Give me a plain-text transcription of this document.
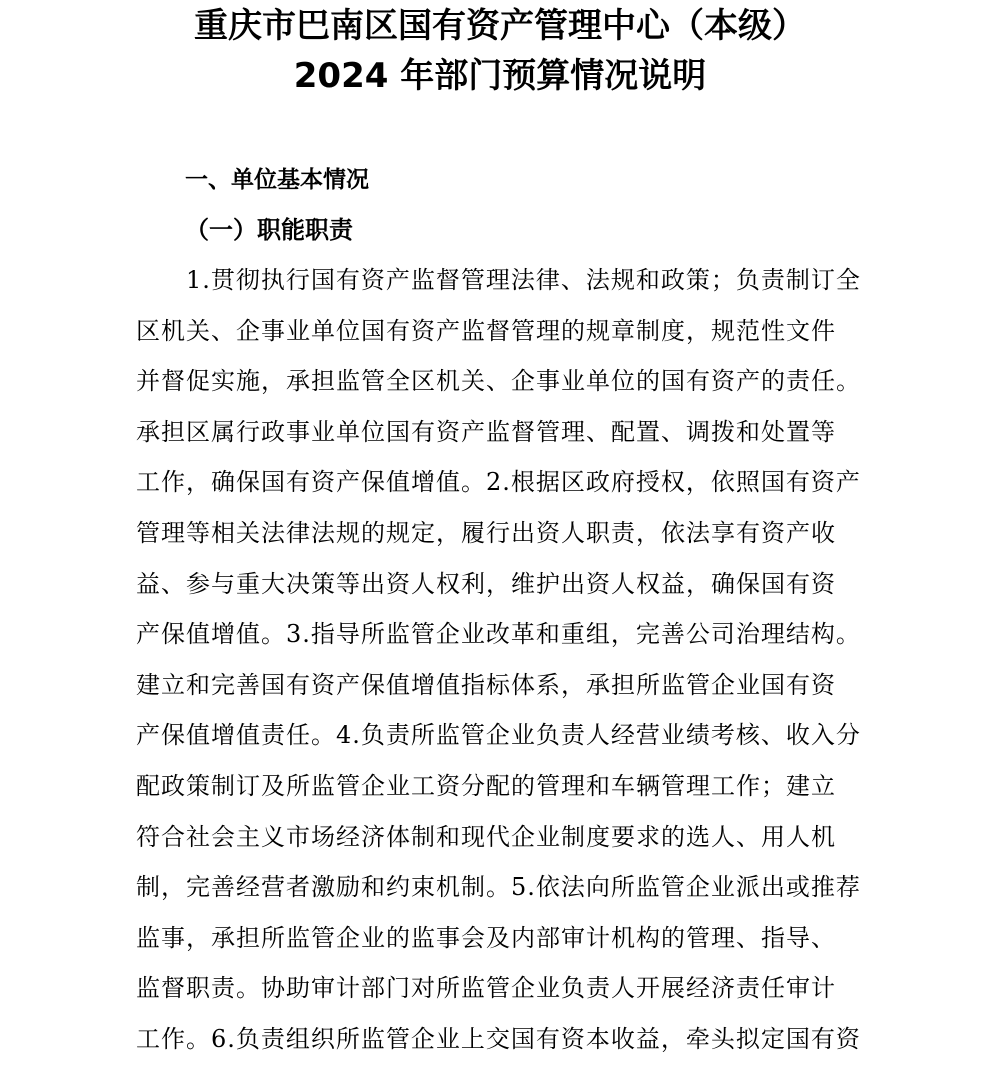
重庆市巴南区国有资产管理中心（本级）
2024 年部门预算情况说明
一、单位基本情况
（一）职能职责
1.贯彻执行国有资产监督管理法律、法规和政策；负责制订全
区机关、企事业单位国有资产监督管理的规章制度，规范性文件
并督促实施，承担监管全区机关、企事业单位的国有资产的责任。
承担区属行政事业单位国有资产监督管理、配置、调拨和处置等
工作，确保国有资产保值增值。2.根据区政府授权，依照国有资产
管理等相关法律法规的规定，履行出资人职责，依法享有资产收
益、参与重大决策等出资人权利，维护出资人权益，确保国有资
产保值增值。3.指导所监管企业改革和重组，完善公司治理结构。
建立和完善国有资产保值增值指标体系，承担所监管企业国有资
产保值增值责任。4.负责所监管企业负责人经营业绩考核、收入分
配政策制订及所监管企业工资分配的管理和车辆管理工作；建立
符合社会主义市场经济体制和现代企业制度要求的选人、用人机
制，完善经营者激励和约束机制。5.依法向所监管企业派出或推荐
监事，承担所监管企业的监事会及内部审计机构的管理、指导、
监督职责。协助审计部门对所监管企业负责人开展经济责任审计
工作。6.负责组织所监管企业上交国有资本收益，牵头拟定国有资
